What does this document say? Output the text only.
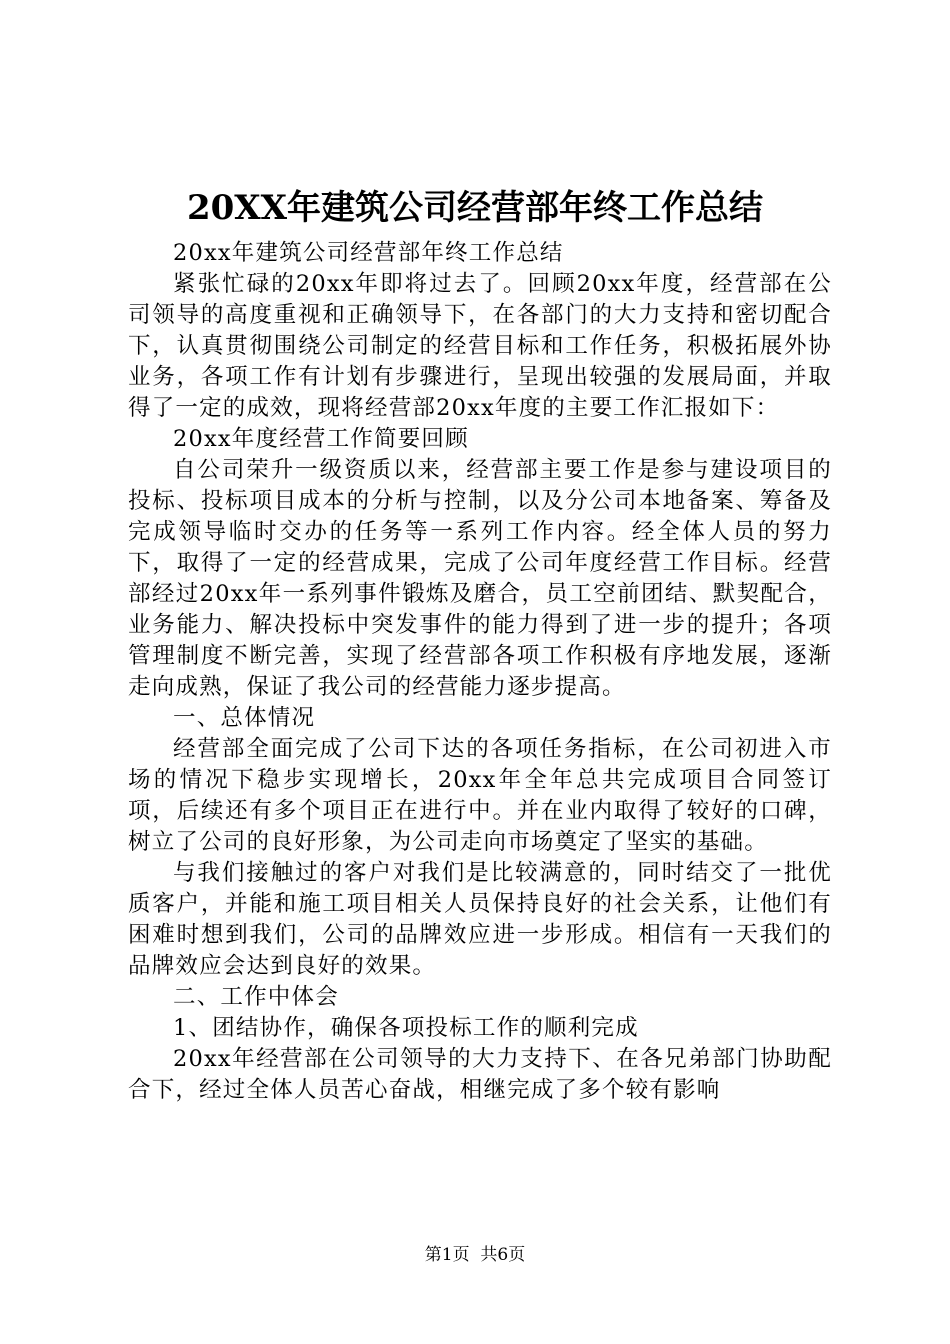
20XX年建筑公司经营部年终工作总结

20xx年建筑公司经营部年终工作总结

紧张忙碌的20xx年即将过去了。回顾20xx年度，经营部在公司领导的高度重视和正确领导下，在各部门的大力支持和密切配合下，认真贯彻围绕公司制定的经营目标和工作任务，积极拓展外协业务，各项工作有计划有步骤进行，呈现出较强的发展局面，并取得了一定的成效，现将经营部20xx年度的主要工作汇报如下：

20xx年度经营工作简要回顾

自公司荣升一级资质以来，经营部主要工作是参与建设项目的投标、投标项目成本的分析与控制，以及分公司本地备案、筹备及完成领导临时交办的任务等一系列工作内容。经全体人员的努力下，取得了一定的经营成果，完成了公司年度经营工作目标。经营部经过20xx年一系列事件锻炼及磨合，员工空前团结、默契配合，业务能力、解决投标中突发事件的能力得到了进一步的提升；各项管理制度不断完善，实现了经营部各项工作积极有序地发展，逐渐走向成熟，保证了我公司的经营能力逐步提高。

一、总体情况

经营部全面完成了公司下达的各项任务指标，在公司初进入市场的情况下稳步实现增长，20xx年全年总共完成项目合同签订　　项，后续还有多个项目正在进行中。并在业内取得了较好的口碑，树立了公司的良好形象，为公司走向市场奠定了坚实的基础。

与我们接触过的客户对我们是比较满意的，同时结交了一批优质客户，并能和施工项目相关人员保持良好的社会关系，让他们有困难时想到我们，公司的品牌效应进一步形成。相信有一天我们的品牌效应会达到良好的效果。

二、工作中体会

1、团结协作，确保各项投标工作的顺利完成

20xx年经营部在公司领导的大力支持下、在各兄弟部门协助配合下，经过全体人员苦心奋战，相继完成了多个较有影响

第1页  共6页
